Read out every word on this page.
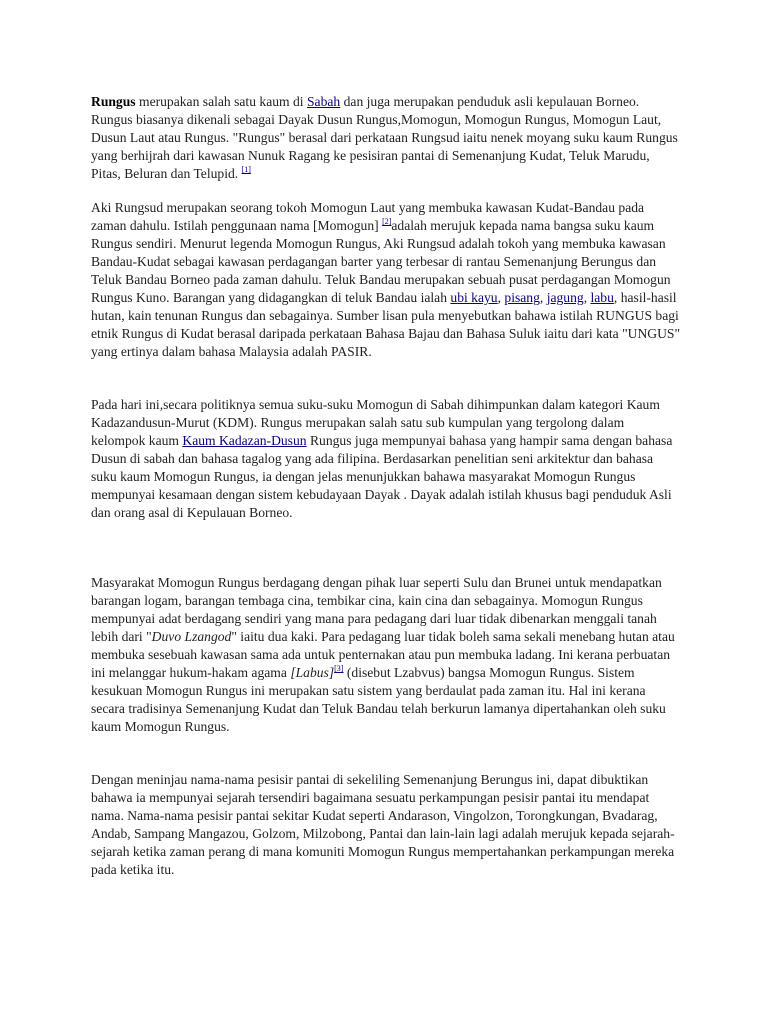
Rungus merupakan salah satu kaum di Sabah dan juga merupakan penduduk asli kepulauan Borneo. Rungus biasanya dikenali sebagai Dayak Dusun Rungus,Momogun, Momogun Rungus, Momogun Laut, Dusun Laut atau Rungus. "Rungus" berasal dari perkataan Rungsud iaitu nenek moyang suku kaum Rungus yang berhijrah dari kawasan Nunuk Ragang ke pesisiran pantai di Semenanjung Kudat, Teluk Marudu, Pitas, Beluran dan Telupid. [1]

Aki Rungsud merupakan seorang tokoh Momogun Laut yang membuka kawasan Kudat-Bandau pada zaman dahulu. Istilah penggunaan nama [Momogun] [2]adalah merujuk kepada nama bangsa suku kaum Rungus sendiri. Menurut legenda Momogun Rungus, Aki Rungsud adalah tokoh yang membuka kawasan Bandau-Kudat sebagai kawasan perdagangan barter yang terbesar di rantau Semenanjung Berungus dan Teluk Bandau Borneo pada zaman dahulu. Teluk Bandau merupakan sebuah pusat perdagangan Momogun Rungus Kuno. Barangan yang didagangkan di teluk Bandau ialah ubi kayu, pisang, jagung, labu, hasil-hasil hutan, kain tenunan Rungus dan sebagainya. Sumber lisan pula menyebutkan bahawa istilah RUNGUS bagi etnik Rungus di Kudat berasal daripada perkataan Bahasa Bajau dan Bahasa Suluk iaitu dari kata "UNGUS" yang ertinya dalam bahasa Malaysia adalah PASIR.

Pada hari ini,secara politiknya semua suku-suku Momogun di Sabah dihimpunkan dalam kategori Kaum Kadazandusun-Murut (KDM). Rungus merupakan salah satu sub kumpulan yang tergolong dalam kelompok kaum Kaum Kadazan-Dusun Rungus juga mempunyai bahasa yang hampir sama dengan bahasa Dusun di sabah dan bahasa tagalog yang ada filipina. Berdasarkan penelitian seni arkitektur dan bahasa suku kaum Momogun Rungus, ia dengan jelas menunjukkan bahawa masyarakat Momogun Rungus mempunyai kesamaan dengan sistem kebudayaan Dayak . Dayak adalah istilah khusus bagi penduduk Asli dan orang asal di Kepulauan Borneo.

Masyarakat Momogun Rungus berdagang dengan pihak luar seperti Sulu dan Brunei untuk mendapatkan barangan logam, barangan tembaga cina, tembikar cina, kain cina dan sebagainya. Momogun Rungus mempunyai adat berdagang sendiri yang mana para pedagang dari luar tidak dibenarkan menggali tanah lebih dari "Duvo Lzangod" iaitu dua kaki. Para pedagang luar tidak boleh sama sekali menebang hutan atau membuka sesebuah kawasan sama ada untuk penternakan atau pun membuka ladang. Ini kerana perbuatan ini melanggar hukum-hakam agama [Labus][3] (disebut Lzabvus) bangsa Momogun Rungus. Sistem kesukuan Momogun Rungus ini merupakan satu sistem yang berdaulat pada zaman itu. Hal ini kerana secara tradisinya Semenanjung Kudat dan Teluk Bandau telah berkurun lamanya dipertahankan oleh suku kaum Momogun Rungus.

Dengan meninjau nama-nama pesisir pantai di sekeliling Semenanjung Berungus ini, dapat dibuktikan bahawa ia mempunyai sejarah tersendiri bagaimana sesuatu perkampungan pesisir pantai itu mendapat nama. Nama-nama pesisir pantai sekitar Kudat seperti Andarason, Vingolzon, Torongkungan, Bvadarag, Andab, Sampang Mangazou, Golzom, Milzobong, Pantai dan lain-lain lagi adalah merujuk kepada sejarah-sejarah ketika zaman perang di mana komuniti Momogun Rungus mempertahankan perkampungan mereka pada ketika itu.
